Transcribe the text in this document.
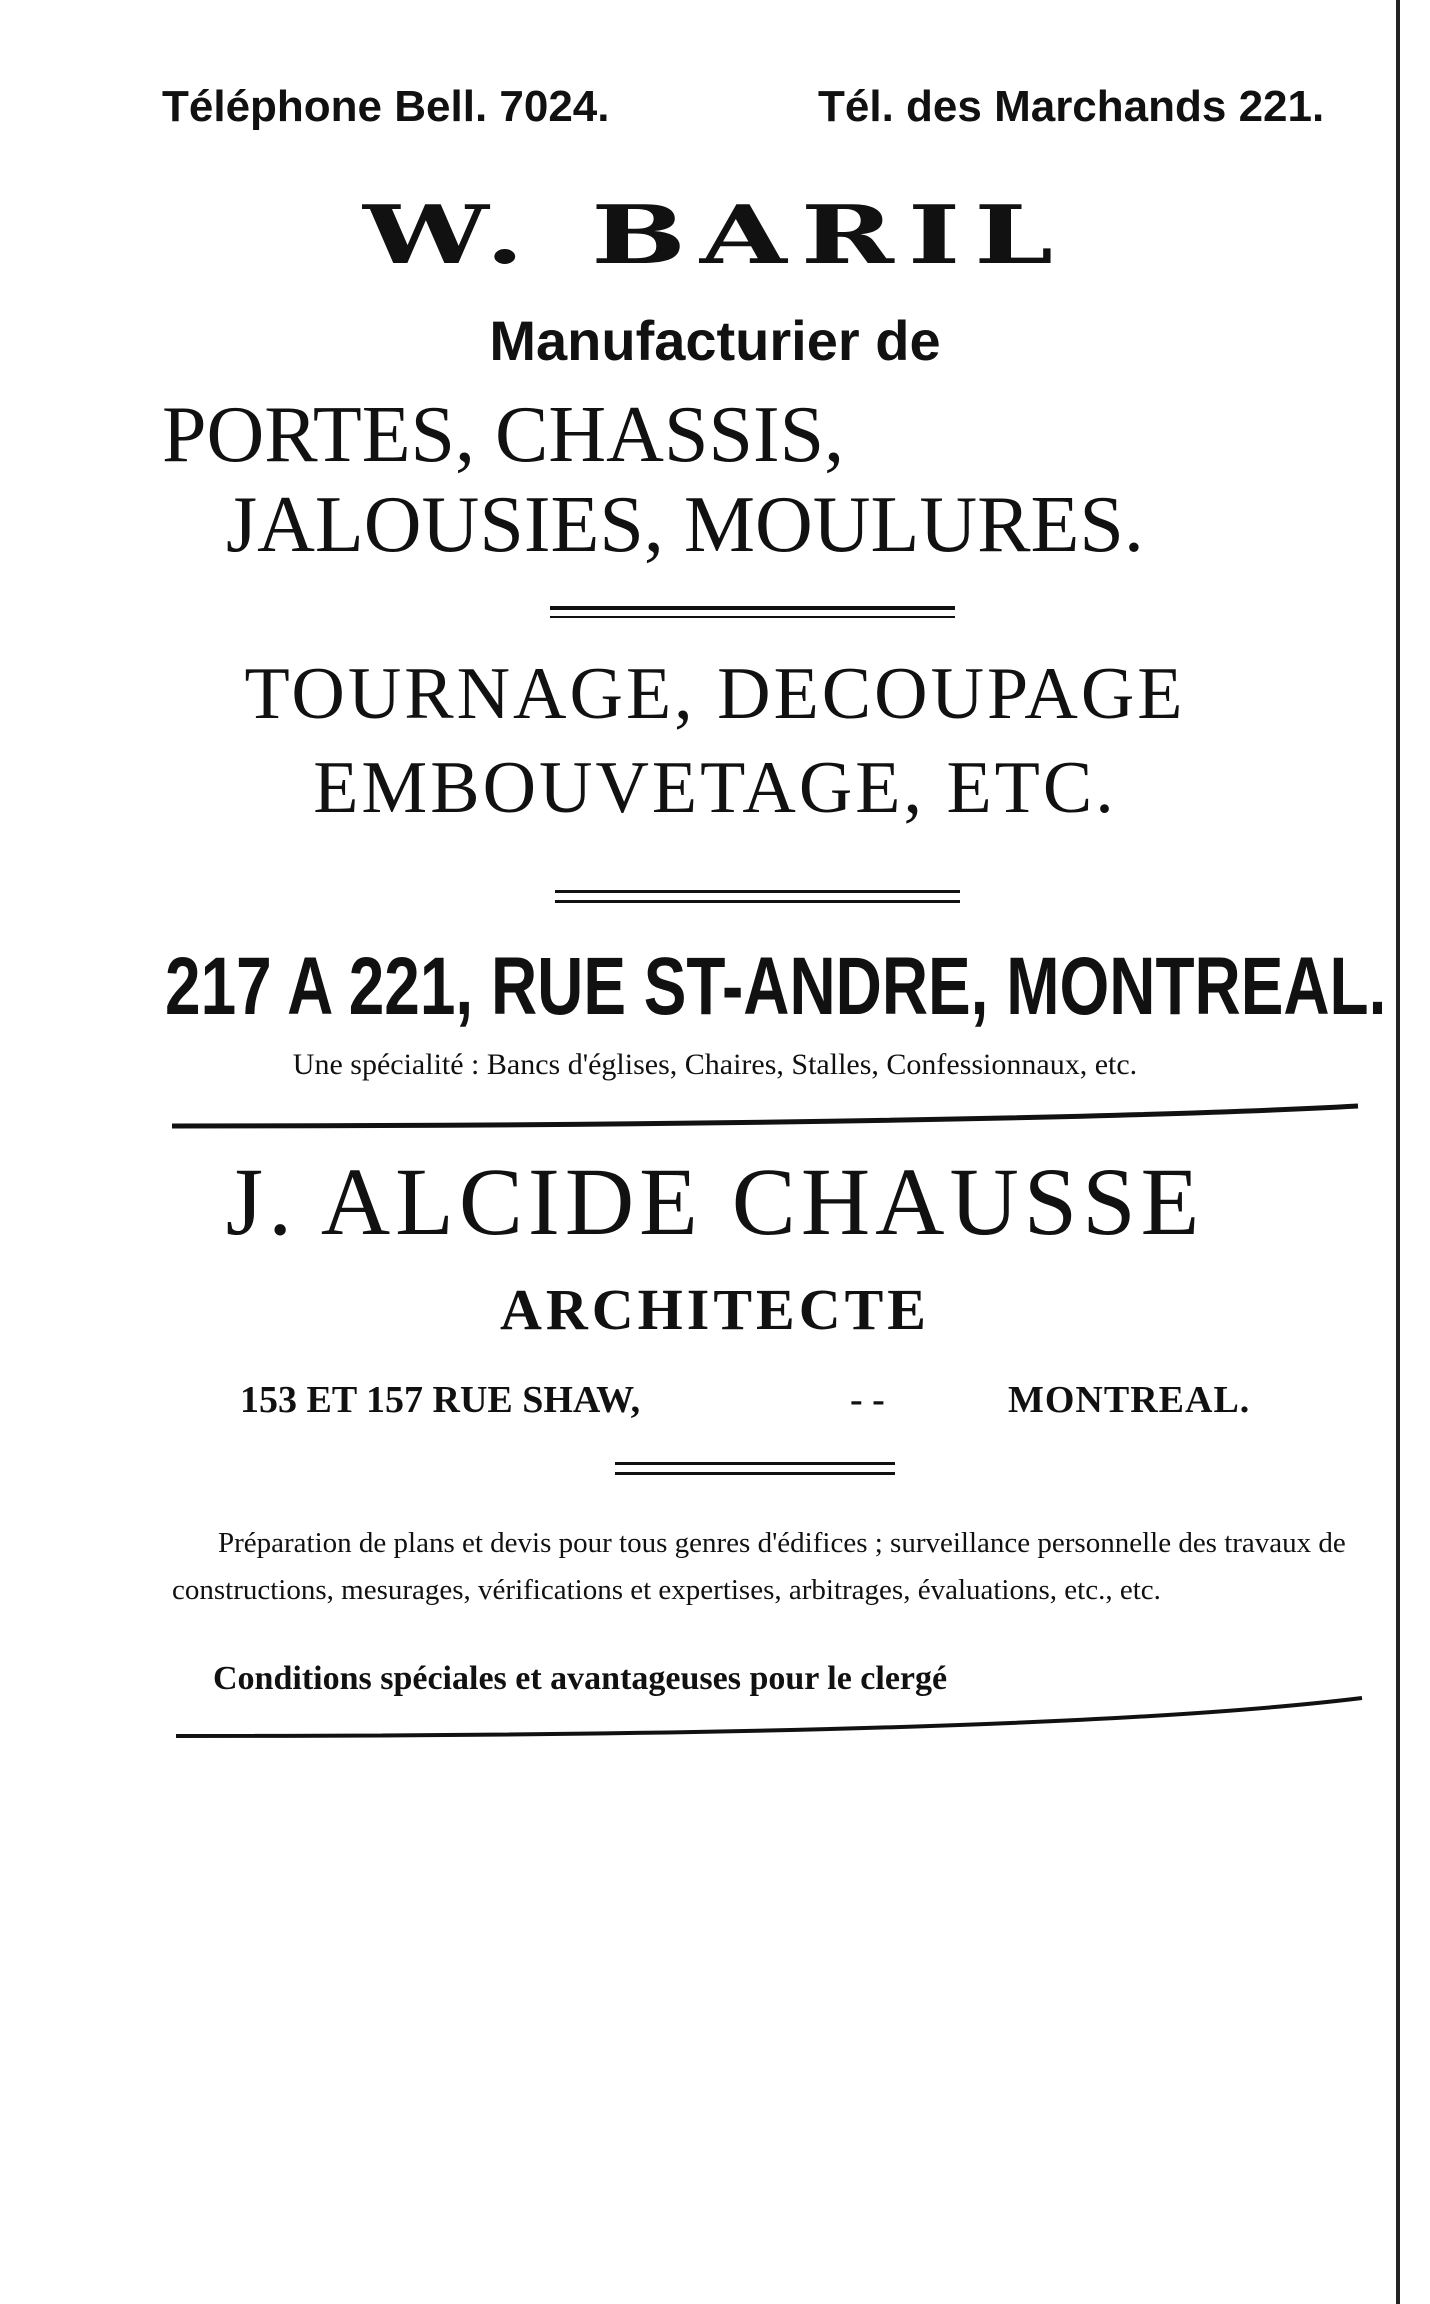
Téléphone Bell. 7024.	Tél. des Marchands 221.
W. BARIL
Manufacturier de
PORTES, CHASSIS,
JALOUSIES, MOULURES.
TOURNAGE, DECOUPAGE
EMBOUVETAGE, ETC.
217 A 221, RUE ST-ANDRE, MONTREAL.
Une spécialité : Bancs d'églises, Chaires, Stalles, Confessionnaux, etc.
J. ALCIDE CHAUSSE
ARCHITECTE
153 ET 157 RUE SHAW,	- -	MONTREAL.
Préparation de plans et devis pour tous genres d'édifices ; surveillance personnelle des travaux de constructions, mesurages, vérifications et expertises, arbitrages, évaluations, etc., etc.
Conditions spéciales et avantageuses pour le clergé
